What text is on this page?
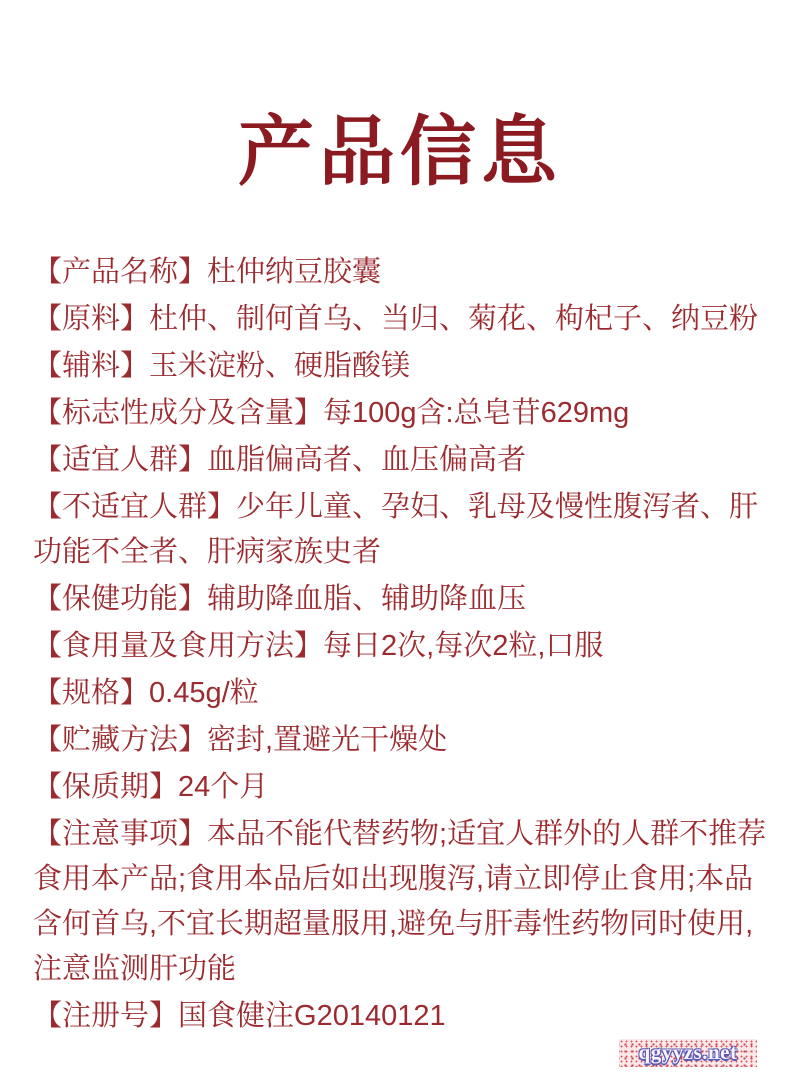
产品信息

【产品名称】杜仲纳豆胶囊

【原料】杜仲、制何首乌、当归、菊花、枸杞子、纳豆粉

【辅料】玉米淀粉、硬脂酸镁

【标志性成分及含量】每100g含:总皂苷629mg

【适宜人群】血脂偏高者、血压偏高者

【不适宜人群】少年儿童、孕妇、乳母及慢性腹泻者、肝功能不全者、肝病家族史者

【保健功能】辅助降血脂、辅助降血压

【食用量及食用方法】每日2次,每次2粒,口服

【规格】0.45g/粒

【贮藏方法】密封,置避光干燥处

【保质期】24个月

【注意事项】本品不能代替药物;适宜人群外的人群不推荐食用本产品;食用本品后如出现腹泻,请立即停止食用;本品含何首乌,不宜长期超量服用,避免与肝毒性药物同时使用,注意监测肝功能

【注册号】国食健注G20140121

qgyyzs.net
